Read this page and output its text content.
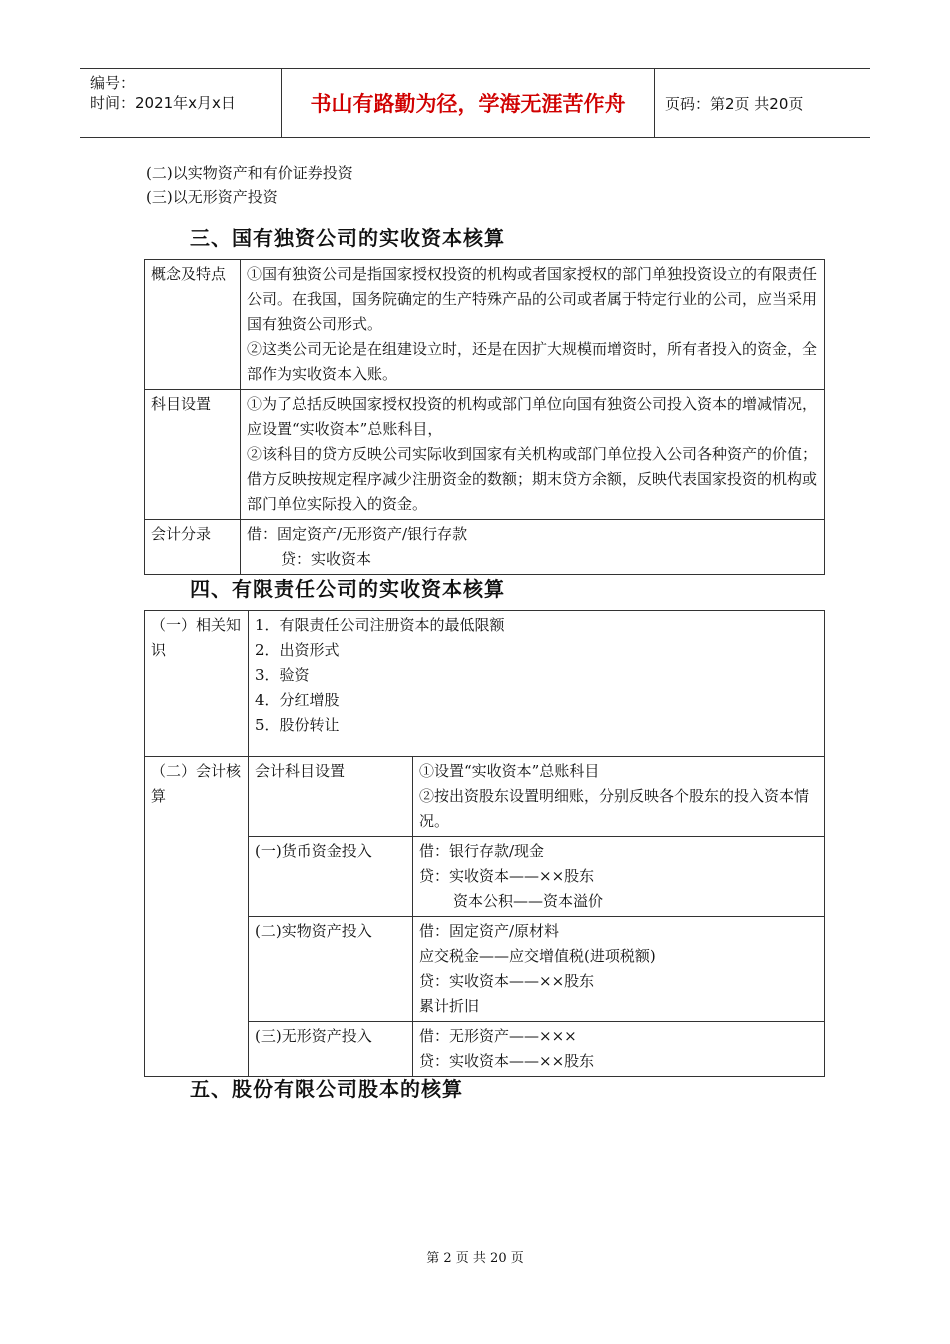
编号：
时间：2021年x月x日	书山有路勤为径，学海无涯苦作舟	页码：第2页 共20页
(二)以实物资产和有价证券投资
(三)以无形资产投资
三、国有独资公司的实收资本核算
概念及特点	①国有独资公司是指国家授权投资的机构或者国家授权的部门单独投资设立的有限责任公司。在我国，国务院确定的生产特殊产品的公司或者属于特定行业的公司，应当采用国有独资公司形式。
②这类公司无论是在组建设立时，还是在因扩大规模而增资时，所有者投入的资金，全部作为实收资本入账。

科目设置	①为了总括反映国家授权投资的机构或部门单位向国有独资公司投入资本的增减情况，应设置“实收资本”总账科目，
②该科目的贷方反映公司实际收到国家有关机构或部门单位投入公司各种资产的价值；借方反映按规定程序减少注册资金的数额；期末贷方余额，反映代表国家投资的机构或部门单位实际投入的资金。

会计分录	借：固定资产/无形资产/银行存款
贷：实收资本
四、有限责任公司的实收资本核算
（一）相关知识	1．有限责任公司注册资本的最低限额
2．出资形式
3．验资
4．分红增股
5．股份转让	

（二）会计核算	会计科目设置	①设置“实收资本”总账科目
②按出资股东设置明细账，分别反映各个股东的投入资本情况。

	(一)货币资金投入	借：银行存款/现金
贷：实收资本——××股东
资本公积——资本溢价

	(二)实物资产投入	借：固定资产/原材料
应交税金——应交增值税(进项税额)
贷：实收资本——××股东
累计折旧

	(三)无形资产投入	借：无形资产——×××
贷：实收资本——××股东
五、股份有限公司股本的核算
第 2 页 共 20 页
